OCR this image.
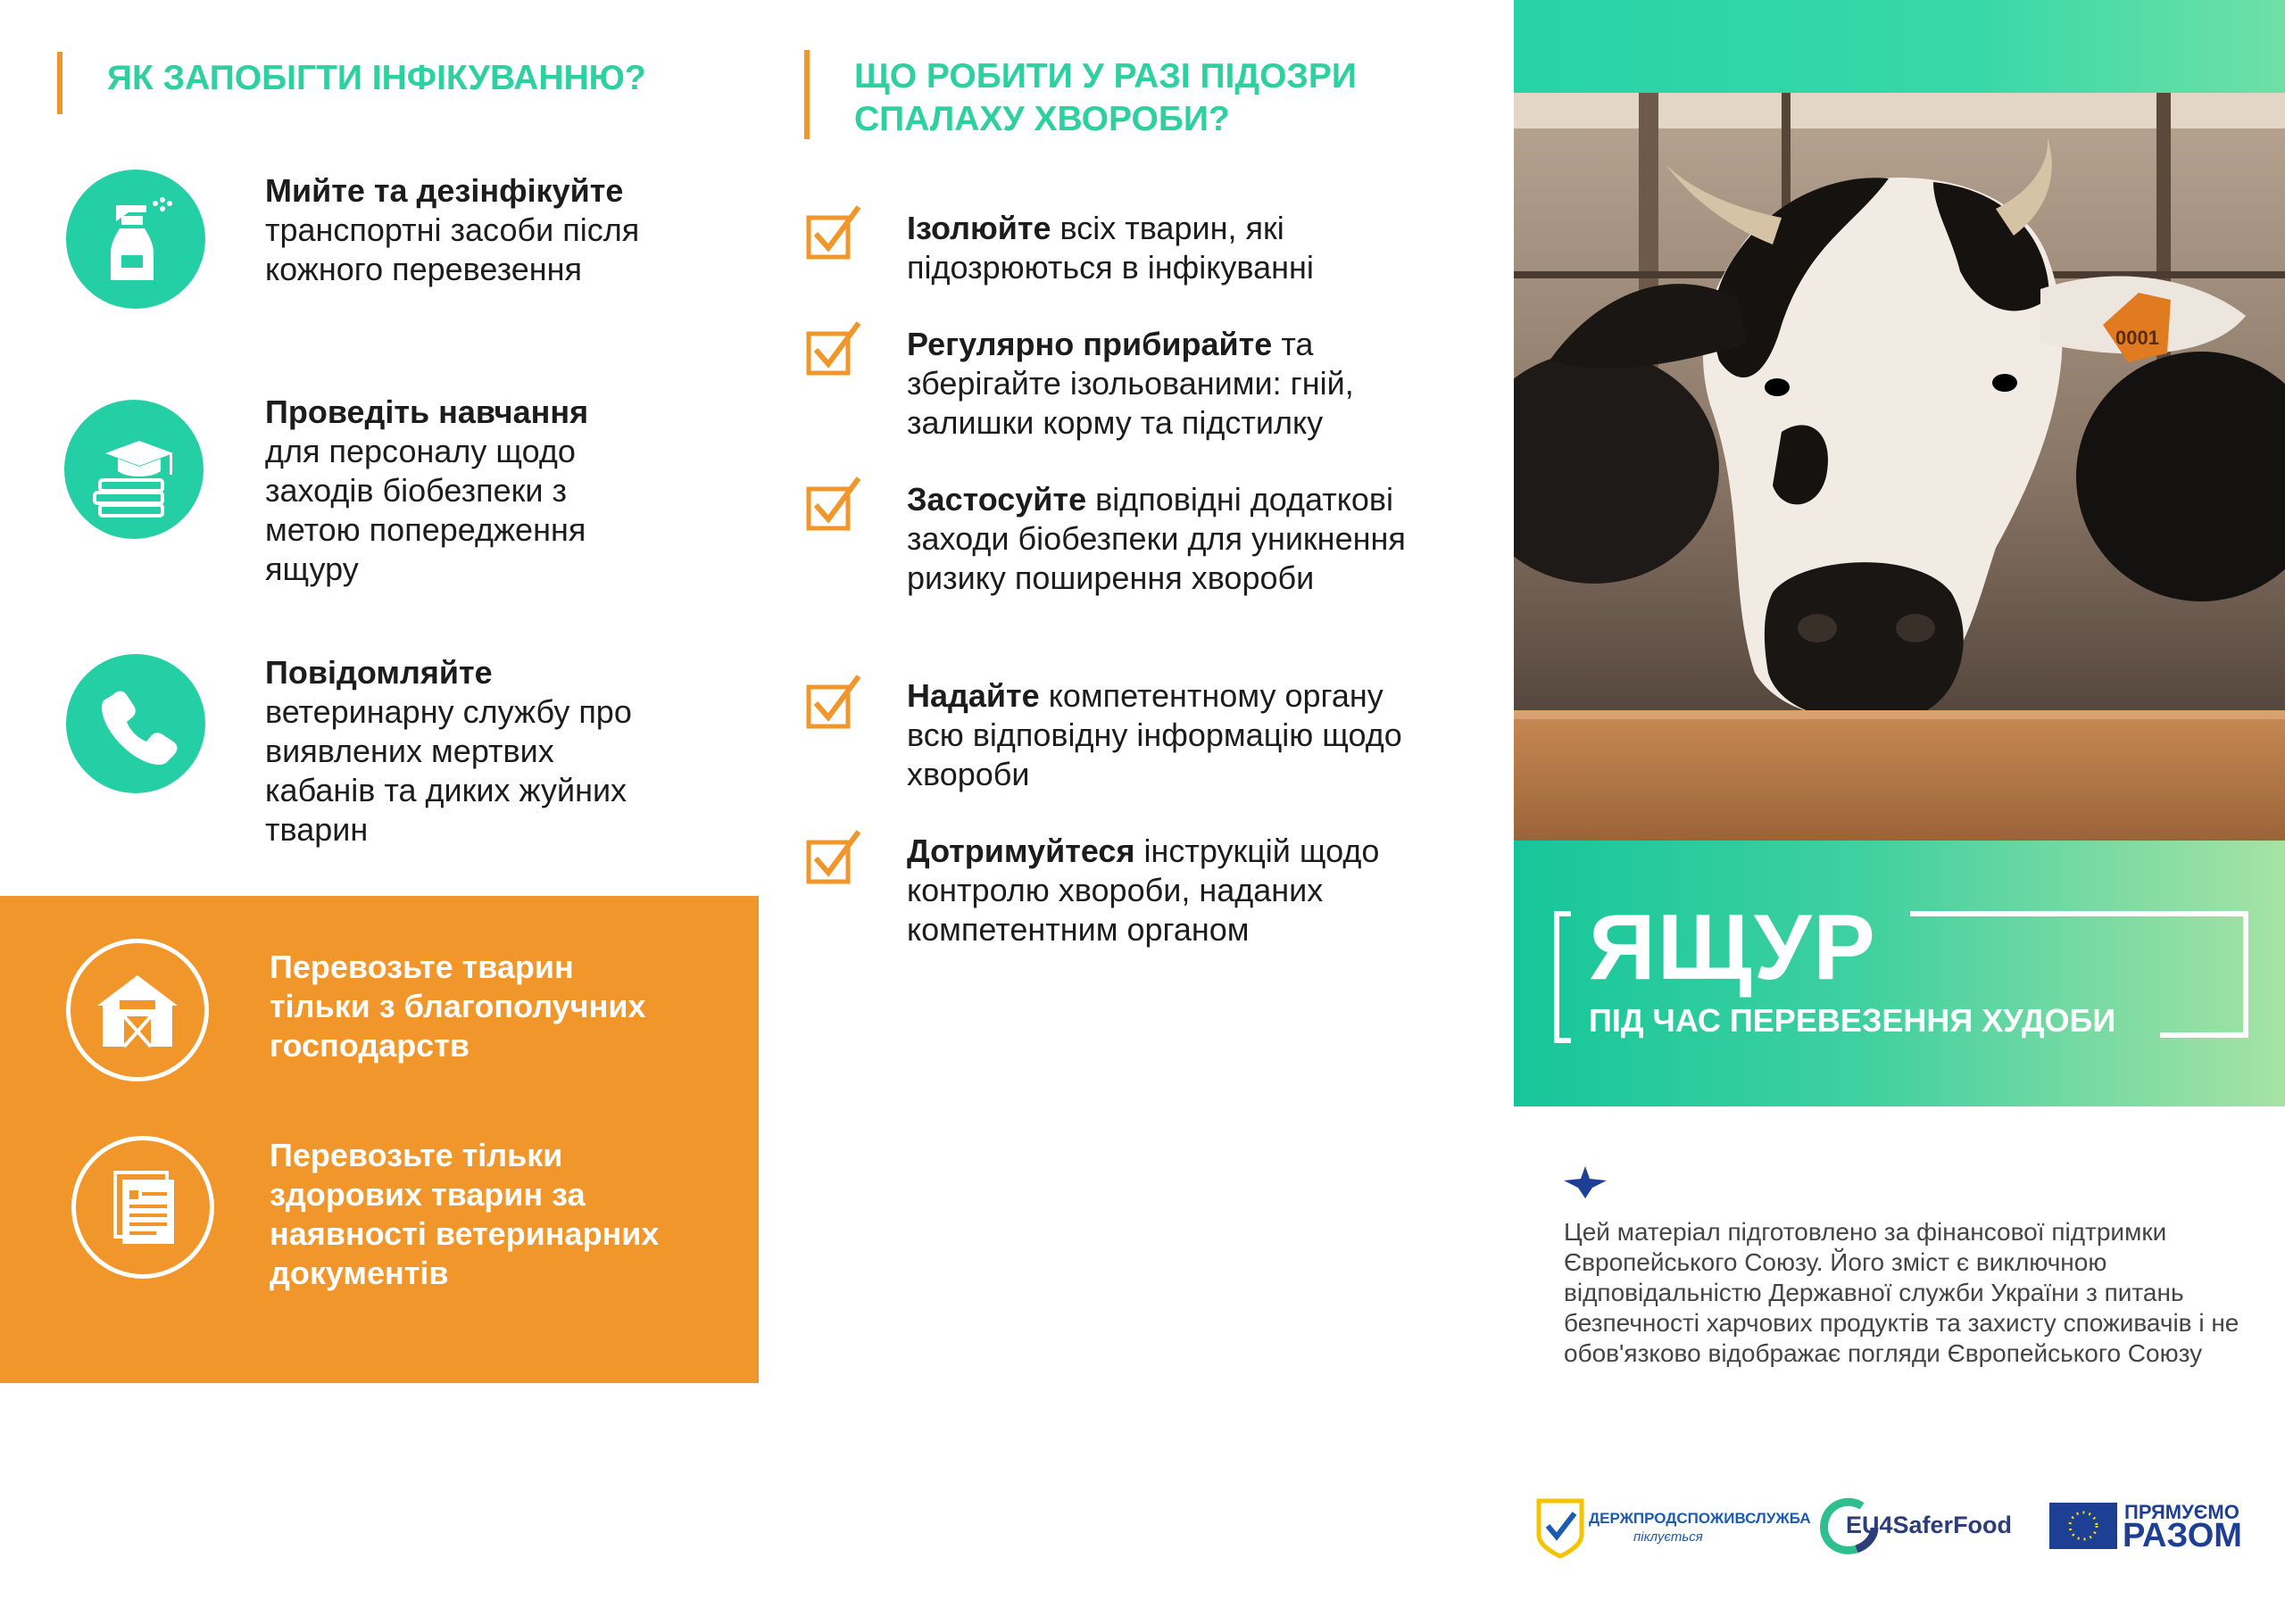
ЯК ЗАПОБІГТИ ІНФІКУВАННЮ?
Мийте та дезінфікуйте
транспортні засоби після кожного перевезення
Проведіть навчання
для персоналу щодо заходів біобезпеки з метою попередження ящуру
Повідомляйте
ветеринарну службу про виявлених мертвих кабанів та диких жуйних тварин
Перевозьте тварин тільки з благополучних господарств
Перевозьте тільки здорових тварин за наявності ветеринарних документів
ЩО РОБИТИ У РАЗІ ПІДОЗРИ СПАЛАХУ ХВОРОБИ?
Ізолюйте всіх тварин, які підозрюються в інфікуванні
Регулярно прибирайте та зберігайте ізольованими: гній, залишки корму та підстилку
Застосуйте відповідні додаткові заходи біобезпеки для уникнення ризику поширення хвороби
Надайте компетентному органу всю відповідну інформацію щодо хвороби
Дотримуйтеся інструкцій щодо контролю хвороби, наданих компетентним органом
0001
ЯЩУР
ПІД ЧАС ПЕРЕВЕЗЕННЯ ХУДОБИ
Цей матеріал підготовлено за фінансової підтримки Європейського Союзу. Його зміст є виключною відповідальністю Державної служби України з питань безпечності харчових продуктів та захисту споживачів і не обов'язково відображає погляди Європейського Союзу
ДЕРЖПРОДСПОЖИВСЛУЖБА
піклується	EU4SaferFood	ПРЯМУЄМО
РАЗОМ
